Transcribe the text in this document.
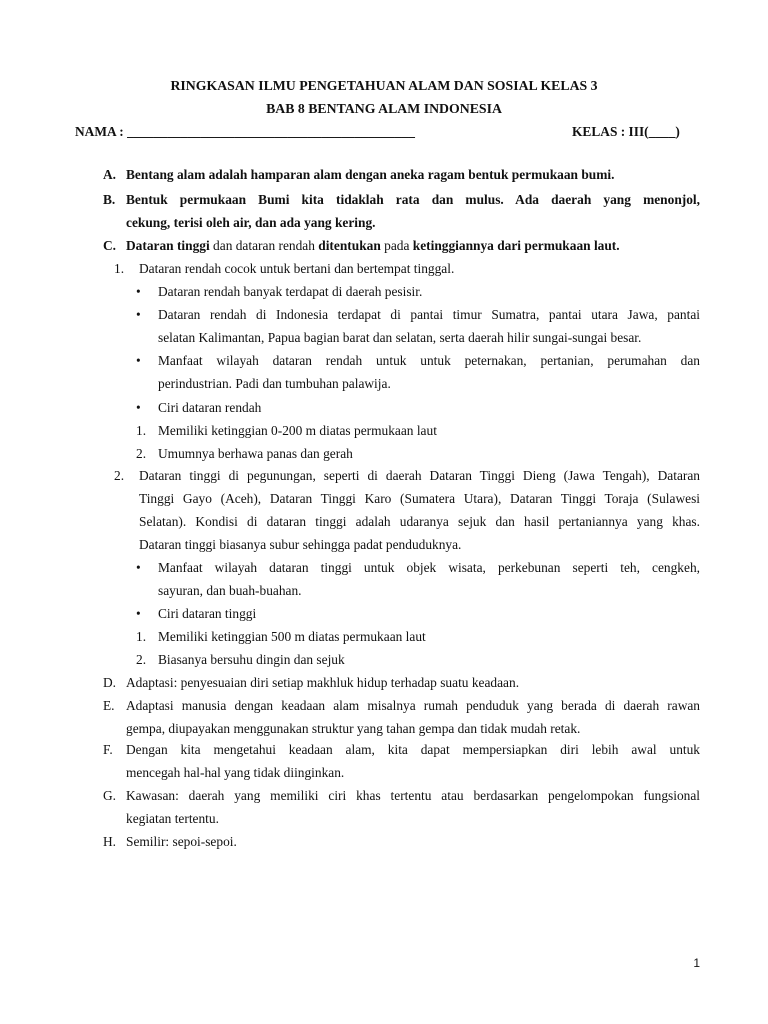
RINGKASAN ILMU PENGETAHUAN ALAM DAN SOSIAL KELAS 3
BAB 8 BENTANG ALAM INDONESIA
NAMA : ___________________________________________	KELAS : III(____)
A. Bentang alam adalah hamparan alam dengan aneka ragam bentuk permukaan bumi.
B. Bentuk permukaan Bumi kita tidaklah rata dan mulus. Ada daerah yang menonjol,
cekung, terisi oleh air, dan ada yang kering.
C. Dataran tinggi dan dataran rendah ditentukan pada ketinggiannya dari permukaan laut.
1. Dataran rendah cocok untuk bertani dan bertempat tinggal.
• Dataran rendah banyak terdapat di daerah pesisir.
• Dataran rendah di Indonesia terdapat di pantai timur Sumatra, pantai utara Jawa, pantai
selatan Kalimantan, Papua bagian barat dan selatan, serta daerah hilir sungai-sungai besar.
• Manfaat wilayah dataran rendah untuk untuk peternakan, pertanian, perumahan dan
perindustrian. Padi dan tumbuhan palawija.
• Ciri dataran rendah
1. Memiliki ketinggian 0-200 m diatas permukaan laut
2. Umumnya berhawa panas dan gerah
2. Dataran tinggi di pegunungan, seperti di daerah Dataran Tinggi Dieng (Jawa Tengah), Dataran
Tinggi Gayo (Aceh), Dataran Tinggi Karo (Sumatera Utara), Dataran Tinggi Toraja (Sulawesi
Selatan). Kondisi di dataran tinggi adalah udaranya sejuk dan hasil pertaniannya yang khas.
Dataran tinggi biasanya subur sehingga padat penduduknya.
• Manfaat wilayah dataran tinggi untuk objek wisata, perkebunan seperti teh, cengkeh,
sayuran, dan buah-buahan.
• Ciri dataran tinggi
1. Memiliki ketinggian 500 m diatas permukaan laut
2. Biasanya bersuhu dingin dan sejuk
D. Adaptasi: penyesuaian diri setiap makhluk hidup terhadap suatu keadaan.
E. Adaptasi manusia dengan keadaan alam misalnya rumah penduduk yang berada di daerah rawan
gempa, diupayakan menggunakan struktur yang tahan gempa dan tidak mudah retak.
F. Dengan kita mengetahui keadaan alam, kita dapat mempersiapkan diri lebih awal untuk
mencegah hal-hal yang tidak diinginkan.
G. Kawasan: daerah yang memiliki ciri khas tertentu atau berdasarkan pengelompokan fungsional
kegiatan tertentu.
H. Semilir: sepoi-sepoi.
1
